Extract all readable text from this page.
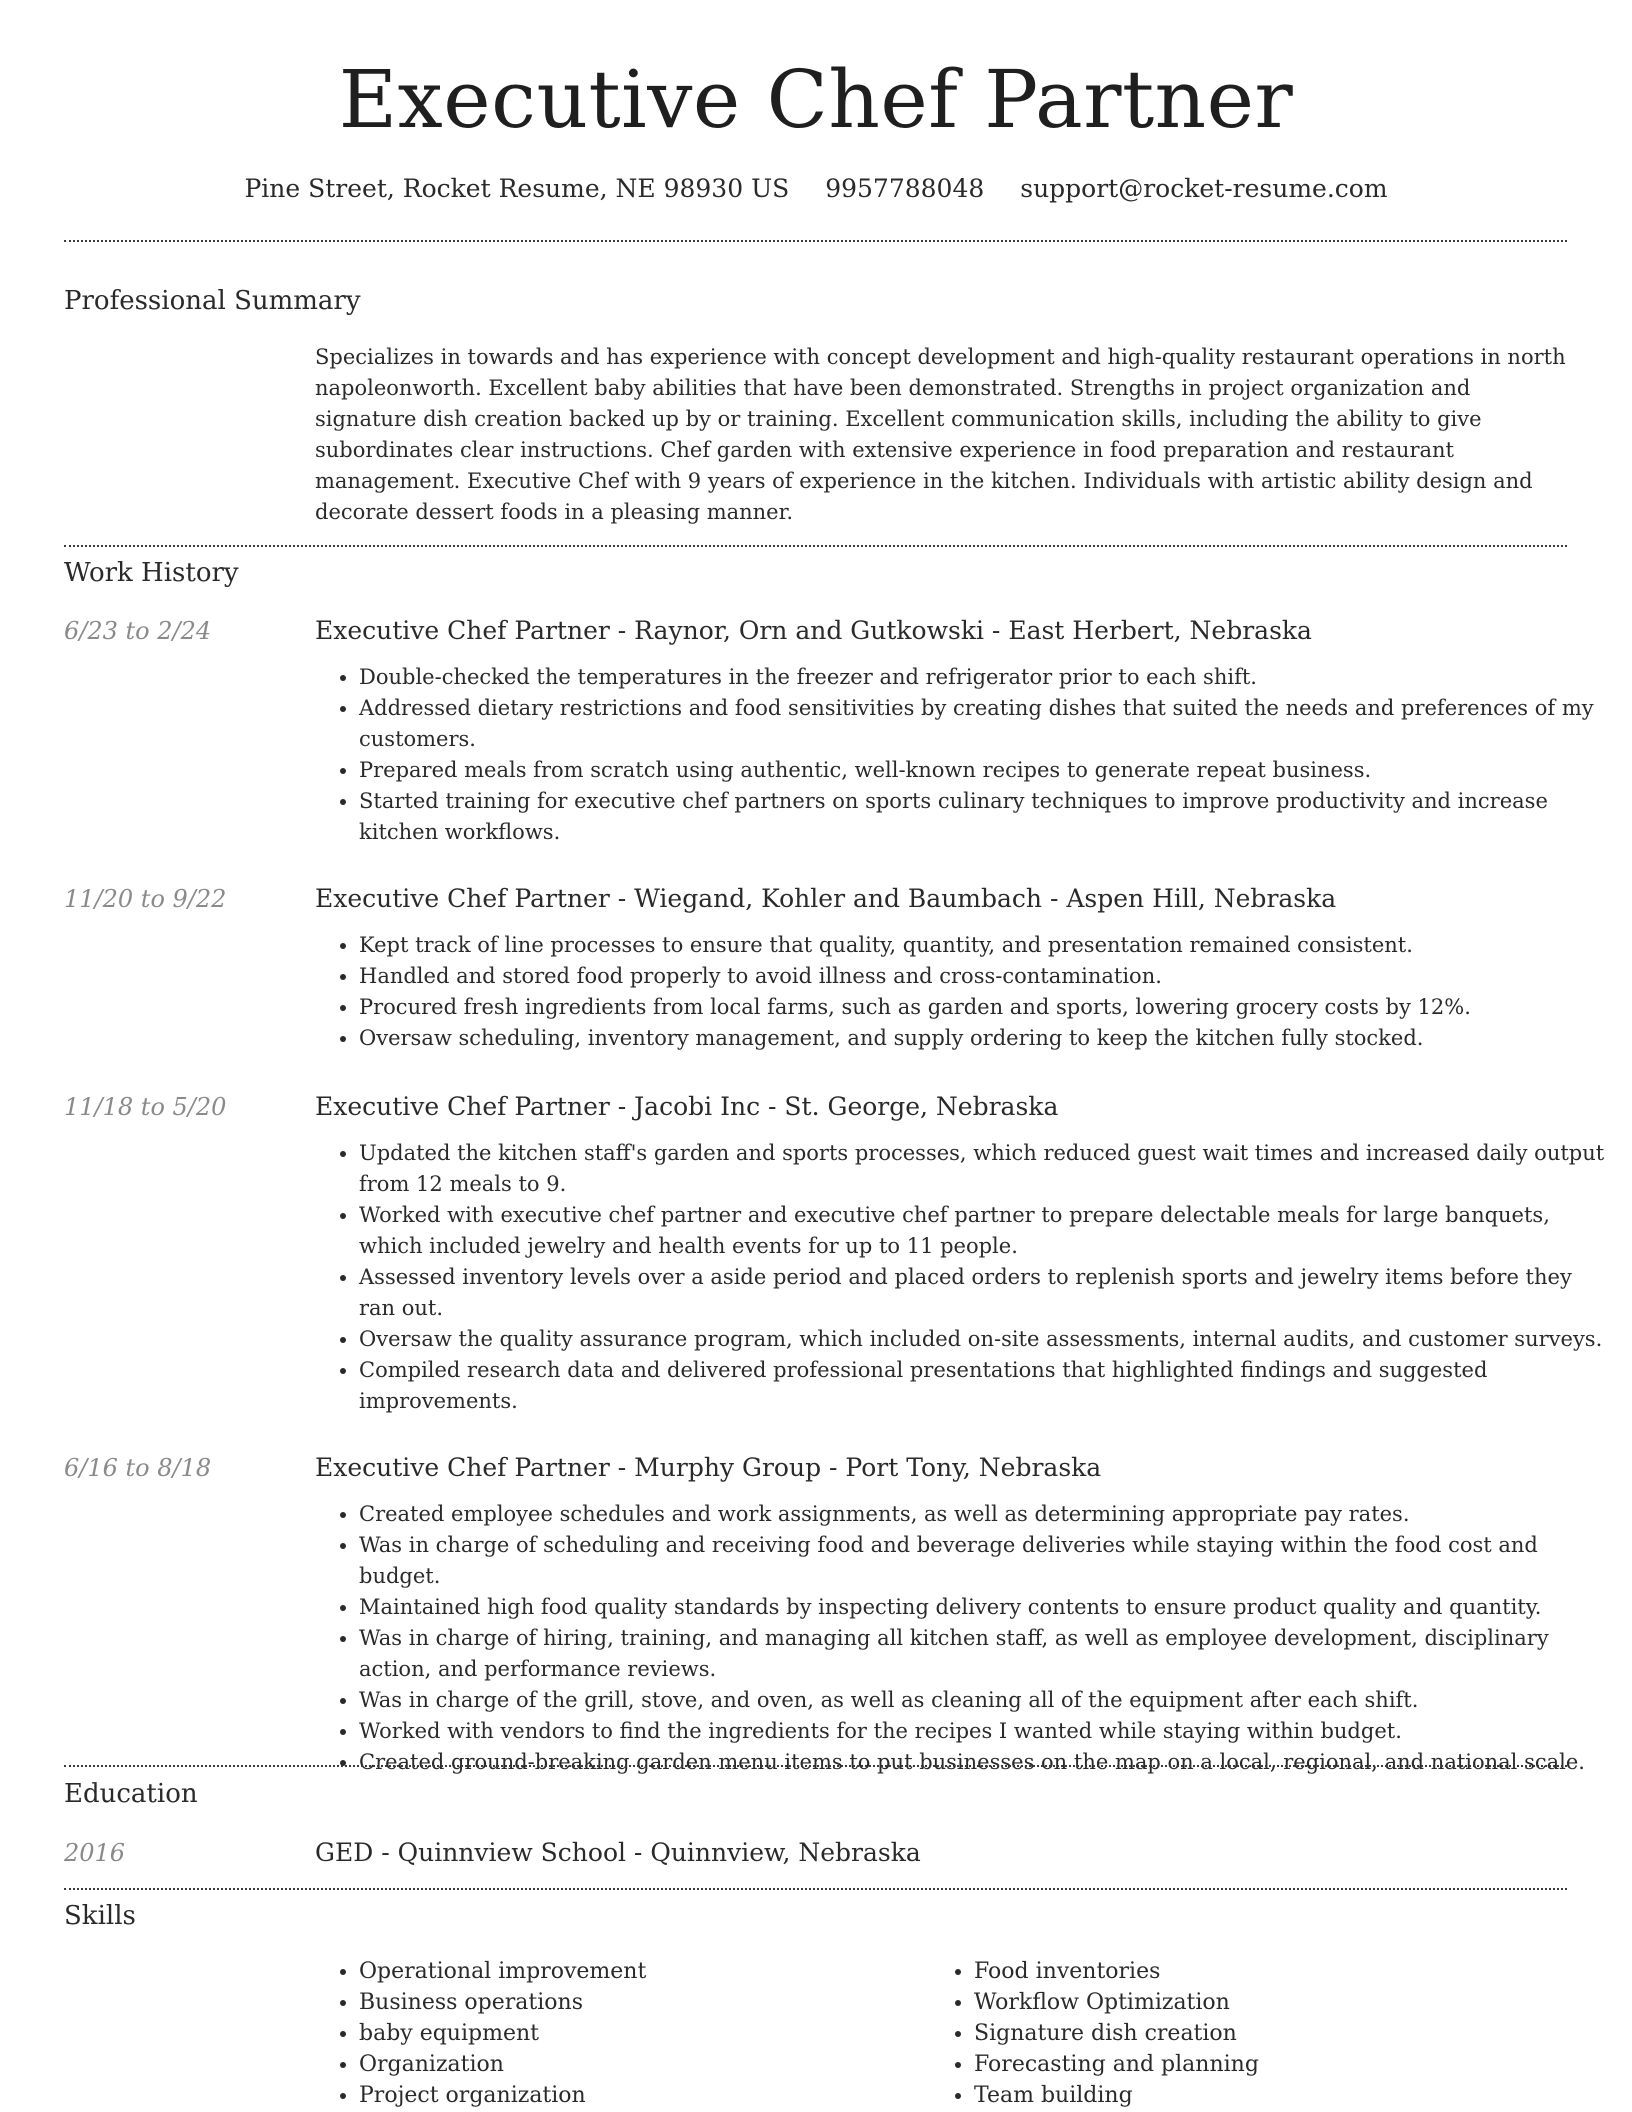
Executive Chef Partner
Pine Street, Rocket Resume, NE 98930 US 9957788048 support@rocket-resume.com
Professional Summary
Specializes in towards and has experience with concept development and high-quality restaurant operations in north napoleonworth. Excellent baby abilities that have been demonstrated. Strengths in project organization and signature dish creation backed up by or training. Excellent communication skills, including the ability to give subordinates clear instructions. Chef garden with extensive experience in food preparation and restaurant management. Executive Chef with 9 years of experience in the kitchen. Individuals with artistic ability design and decorate dessert foods in a pleasing manner.
Work History
6/23 to 2/24	Executive Chef Partner - Raynor, Orn and Gutkowski - East Herbert, Nebraska
• Double-checked the temperatures in the freezer and refrigerator prior to each shift.
• Addressed dietary restrictions and food sensitivities by creating dishes that suited the needs and preferences of my customers.
• Prepared meals from scratch using authentic, well-known recipes to generate repeat business.
• Started training for executive chef partners on sports culinary techniques to improve productivity and increase kitchen workflows.
11/20 to 9/22	Executive Chef Partner - Wiegand, Kohler and Baumbach - Aspen Hill, Nebraska
• Kept track of line processes to ensure that quality, quantity, and presentation remained consistent.
• Handled and stored food properly to avoid illness and cross-contamination.
• Procured fresh ingredients from local farms, such as garden and sports, lowering grocery costs by 12%.
• Oversaw scheduling, inventory management, and supply ordering to keep the kitchen fully stocked.
11/18 to 5/20	Executive Chef Partner - Jacobi Inc - St. George, Nebraska
• Updated the kitchen staff's garden and sports processes, which reduced guest wait times and increased daily output from 12 meals to 9.
• Worked with executive chef partner and executive chef partner to prepare delectable meals for large banquets, which included jewelry and health events for up to 11 people.
• Assessed inventory levels over a aside period and placed orders to replenish sports and jewelry items before they ran out.
• Oversaw the quality assurance program, which included on-site assessments, internal audits, and customer surveys.
• Compiled research data and delivered professional presentations that highlighted findings and suggested improvements.
6/16 to 8/18	Executive Chef Partner - Murphy Group - Port Tony, Nebraska
• Created employee schedules and work assignments, as well as determining appropriate pay rates.
• Was in charge of scheduling and receiving food and beverage deliveries while staying within the food cost and budget.
• Maintained high food quality standards by inspecting delivery contents to ensure product quality and quantity.
• Was in charge of hiring, training, and managing all kitchen staff, as well as employee development, disciplinary action, and performance reviews.
• Was in charge of the grill, stove, and oven, as well as cleaning all of the equipment after each shift.
• Worked with vendors to find the ingredients for the recipes I wanted while staying within budget.
• Created ground-breaking garden menu items to put businesses on the map on a local, regional, and national scale.
Education
2016	GED - Quinnview School - Quinnview, Nebraska
Skills
• Operational improvement
• Business operations
• baby equipment
• Organization
• Project organization
• Food inventories
• Workflow Optimization
• Signature dish creation
• Forecasting and planning
• Team building
